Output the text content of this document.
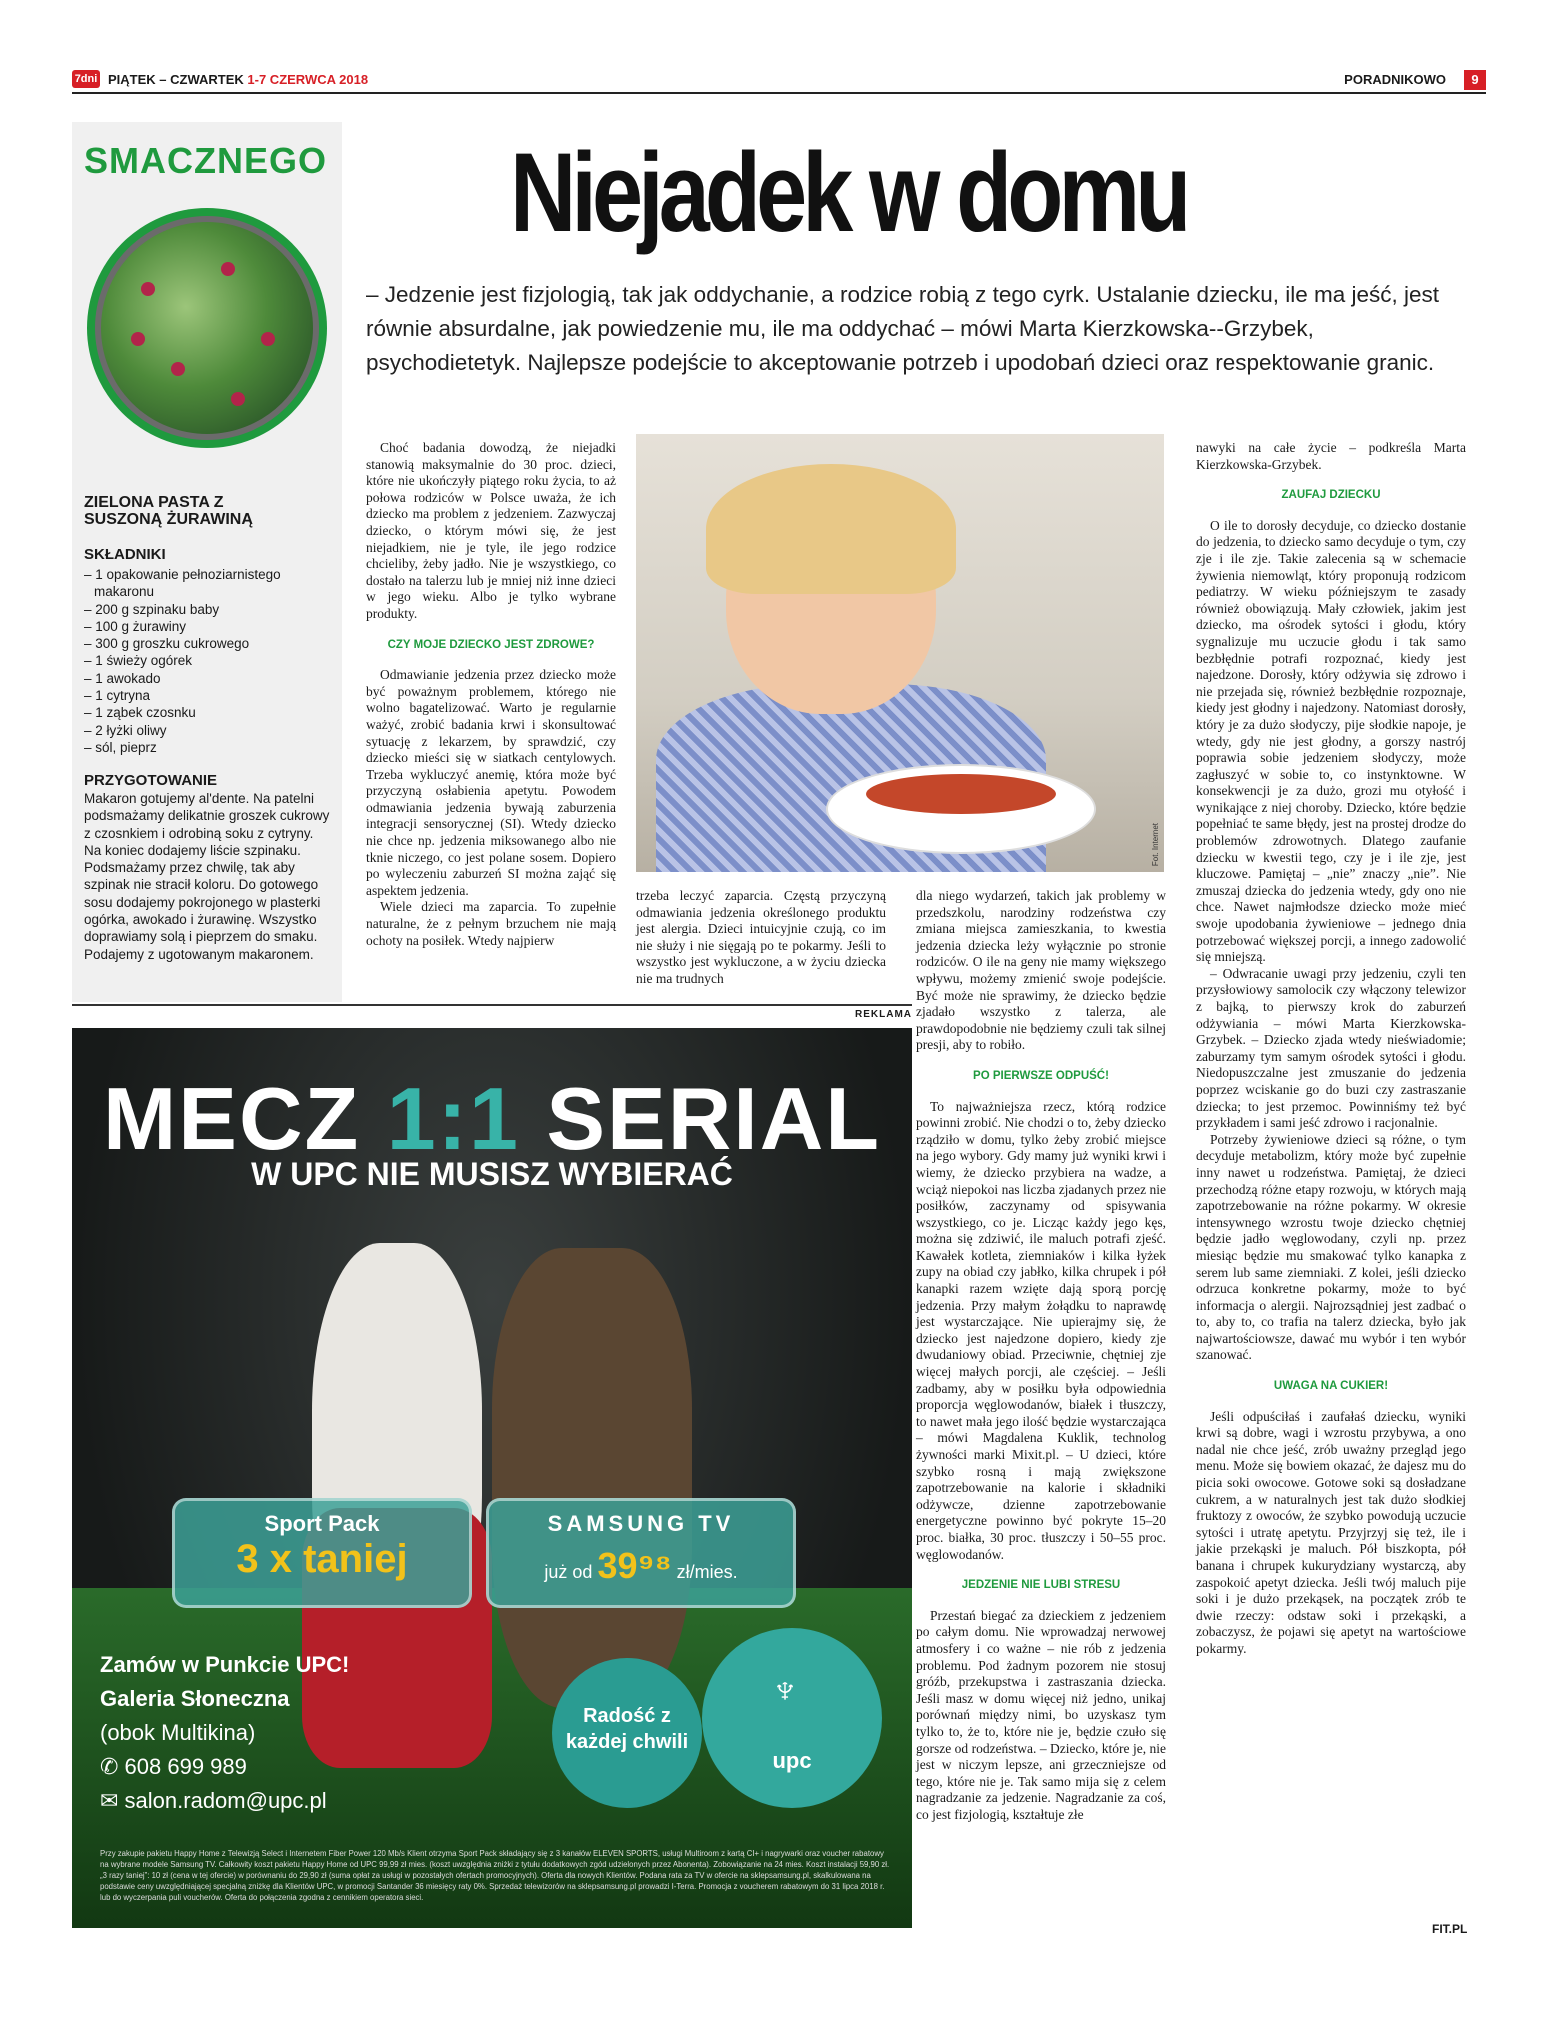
7dni PIĄTEK – CZWARTEK 1-7 CZERWCA 2018	PORADNIKOWO	9
SMACZNEGO
ZIELONA PASTA Z SUSZONĄ ŻURAWINĄ
SKŁADNIKI
– 1 opakowanie pełnoziarnistego makaronu
– 200 g szpinaku baby
– 100 g żurawiny
– 300 g groszku cukrowego
– 1 świeży ogórek
– 1 awokado
– 1 cytryna
– 1 ząbek czosnku
– 2 łyżki oliwy
– sól, pieprz
PRZYGOTOWANIE
Makaron gotujemy al'dente. Na patelni podsmażamy delikatnie groszek cukrowy z czosnkiem i odrobiną soku z cytryny. Na koniec dodajemy liście szpinaku. Podsmażamy przez chwilę, tak aby szpinak nie stracił koloru. Do gotowego sosu dodajemy pokrojonego w plasterki ogórka, awokado i żurawinę. Wszystko doprawiamy solą i pieprzem do smaku. Podajemy z ugotowanym makaronem.
Niejadek w domu
– Jedzenie jest fizjologią, tak jak oddychanie, a rodzice robią z tego cyrk. Ustalanie dziecku, ile ma jeść, jest równie absurdalne, jak powiedzenie mu, ile ma oddychać – mówi Marta Kierzkowska--Grzybek, psychodietetyk. Najlepsze podejście to akceptowanie potrzeb i upodobań dzieci oraz respektowanie granic.

Choć badania dowodzą, że niejadki stanowią maksymalnie do 30 proc. dzieci, które nie ukończyły piątego roku życia, to aż połowa rodziców w Polsce uważa, że ich dziecko ma problem z jedzeniem. Zazwyczaj dziecko, o którym mówi się, że jest niejadkiem, nie je tyle, ile jego rodzice chcieliby, żeby jadło. Nie je wszystkiego, co dostało na talerzu lub je mniej niż inne dzieci w jego wieku. Albo je tylko wybrane produkty.

CZY MOJE DZIECKO JEST ZDROWE?

Odmawianie jedzenia przez dziecko może być poważnym problemem, którego nie wolno bagatelizować. Warto je regularnie ważyć, zrobić badania krwi i skonsultować sytuację z lekarzem, by sprawdzić, czy dziecko mieści się w siatkach centylowych. Trzeba wykluczyć anemię, która może być przyczyną osłabienia apetytu. Powodem odmawiania jedzenia bywają zaburzenia integracji sensorycznej (SI). Wtedy dziecko nie chce np. jedzenia miksowanego albo nie tknie niczego, co jest polane sosem. Dopiero po wyleczeniu zaburzeń SI można zająć się aspektem jedzenia.

Wiele dzieci ma zaparcia. To zupełnie naturalne, że z pełnym brzuchem nie mają ochoty na posiłek. Wtedy najpierw

Fot. Internet

trzeba leczyć zaparcia. Częstą przyczyną odmawiania jedzenia określonego produktu jest alergia. Dzieci intuicyjnie czują, co im nie służy i nie sięgają po te pokarmy. Jeśli to wszystko jest wykluczone, a w życiu dziecka nie ma trudnych

dla niego wydarzeń, takich jak problemy w przedszkolu, narodziny rodzeństwa czy zmiana miejsca zamieszkania, to kwestia jedzenia dziecka leży wyłącznie po stronie rodziców. O ile na geny nie mamy większego wpływu, możemy zmienić swoje podejście. Być może nie sprawimy, że dziecko będzie zjadało wszystko z talerza, ale prawdopodobnie nie będziemy czuli tak silnej presji, aby to robiło.

PO PIERWSZE ODPUŚĆ!

To najważniejsza rzecz, którą rodzice powinni zrobić. Nie chodzi o to, żeby dziecko rządziło w domu, tylko żeby zrobić miejsce na jego wybory. Gdy mamy już wyniki krwi i wiemy, że dziecko przybiera na wadze, a wciąż niepokoi nas liczba zjadanych przez nie posiłków, zaczynamy od spisywania wszystkiego, co je. Licząc każdy jego kęs, można się zdziwić, ile maluch potrafi zjeść. Kawałek kotleta, ziemniaków i kilka łyżek zupy na obiad czy jabłko, kilka chrupek i pół kanapki razem wzięte dają sporą porcję jedzenia. Przy małym żołądku to naprawdę jest wystarczające. Nie upierajmy się, że dziecko jest najedzone dopiero, kiedy zje dwudaniowy obiad. Przeciwnie, chętniej zje więcej małych porcji, ale częściej. – Jeśli zadbamy, aby w posiłku była odpowiednia proporcja węglowodanów, białek i tłuszczy, to nawet mała jego ilość będzie wystarczająca – mówi Magdalena Kuklik, technolog żywności marki Mixit.pl. – U dzieci, które szybko rosną i mają zwiększone zapotrzebowanie na kalorie i składniki odżywcze, dzienne zapotrzebowanie energetyczne powinno być pokryte 15–20 proc. białka, 30 proc. tłuszczy i 50–55 proc. węglowodanów.

JEDZENIE NIE LUBI STRESU

Przestań biegać za dzieckiem z jedzeniem po całym domu. Nie wprowadzaj nerwowej atmosfery i co ważne – nie rób z jedzenia problemu. Pod żadnym pozorem nie stosuj gróźb, przekupstwa i zastraszania dziecka. Jeśli masz w domu więcej niż jedno, unikaj porównań między nimi, bo uzyskasz tym tylko to, że to, które nie je, będzie czuło się gorsze od rodzeństwa. – Dziecko, które je, nie jest w niczym lepsze, ani grzeczniejsze od tego, które nie je. Tak samo mija się z celem nagradzanie za jedzenie. Nagradzanie za coś, co jest fizjologią, kształtuje złe

nawyki na całe życie – podkreśla Marta Kierzkowska-Grzybek.

ZAUFAJ DZIECKU

O ile to dorosły decyduje, co dziecko dostanie do jedzenia, to dziecko samo decyduje o tym, czy zje i ile zje. Takie zalecenia są w schemacie żywienia niemowląt, który proponują rodzicom pediatrzy. W wieku późniejszym te zasady również obowiązują. Mały człowiek, jakim jest dziecko, ma ośrodek sytości i głodu, który sygnalizuje mu uczucie głodu i tak samo bezbłędnie potrafi rozpoznać, kiedy jest najedzone. Dorosły, który odżywia się zdrowo i nie przejada się, również bezbłędnie rozpoznaje, kiedy jest głodny i najedzony. Natomiast dorosły, który je za dużo słodyczy, pije słodkie napoje, je wtedy, gdy nie jest głodny, a gorszy nastrój poprawia sobie jedzeniem słodyczy, może zagłuszyć w sobie to, co instynktowne. W konsekwencji je za dużo, grozi mu otyłość i wynikające z niej choroby. Dziecko, które będzie popełniać te same błędy, jest na prostej drodze do problemów zdrowotnych. Dlatego zaufanie dziecku w kwestii tego, czy je i ile zje, jest kluczowe. Pamiętaj – „nie” znaczy „nie”. Nie zmuszaj dziecka do jedzenia wtedy, gdy ono nie chce. Nawet najmłodsze dziecko może mieć swoje upodobania żywieniowe – jednego dnia potrzebować większej porcji, a innego zadowolić się mniejszą.

– Odwracanie uwagi przy jedzeniu, czyli ten przysłowiowy samolocik czy włączony telewizor z bajką, to pierwszy krok do zaburzeń odżywiania – mówi Marta Kierzkowska-Grzybek. – Dziecko zjada wtedy nieświadomie; zaburzamy tym samym ośrodek sytości i głodu. Niedopuszczalne jest zmuszanie do jedzenia poprzez wciskanie go do buzi czy zastraszanie dziecka; to jest przemoc. Powinniśmy też być przykładem i sami jeść zdrowo i racjonalnie.

Potrzeby żywieniowe dzieci są różne, o tym decyduje metabolizm, który może być zupełnie inny nawet u rodzeństwa. Pamiętaj, że dzieci przechodzą różne etapy rozwoju, w których mają zapotrzebowanie na różne pokarmy. W okresie intensywnego wzrostu twoje dziecko chętniej będzie jadło węglowodany, czyli np. przez miesiąc będzie mu smakować tylko kanapka z serem lub same ziemniaki. Z kolei, jeśli dziecko odrzuca konkretne pokarmy, może to być informacja o alergii. Najrozsądniej jest zadbać o to, aby to, co trafia na talerz dziecka, było jak najwartościowsze, dawać mu wybór i ten wybór szanować.

UWAGA NA CUKIER!

Jeśli odpuściłaś i zaufałaś dziecku, wyniki krwi są dobre, wagi i wzrostu przybywa, a ono nadal nie chce jeść, zrób uważny przegląd jego menu. Może się bowiem okazać, że dajesz mu do picia soki owocowe. Gotowe soki są dosładzane cukrem, a w naturalnych jest tak dużo słodkiej fruktozy z owoców, że szybko powodują uczucie sytości i utratę apetytu. Przyjrzyj się też, ile i jakie przekąski je maluch. Pół biszkopta, pół banana i chrupek kukurydziany wystarczą, aby zaspokoić apetyt dziecka. Jeśli twój maluch pije soki i je dużo przekąsek, na początek zrób te dwie rzeczy: odstaw soki i przekąski, a zobaczysz, że pojawi się apetyt na wartościowe pokarmy.

REKLAMA
MECZ 1:1 SERIAL
W UPC NIE MUSISZ WYBIERAĆ
Sport Pack
3 x taniej
SAMSUNG TV
już od 39⁹⁸ zł/mies.
Zamów w Punkcie UPC!
Galeria Słoneczna
(obok Multikina)
✆ 608 699 989
✉ salon.radom@upc.pl
Radość z każdej chwili
♆
upc
Przy zakupie pakietu Happy Home z Telewizją Select i Internetem Fiber Power 120 Mb/s Klient otrzyma Sport Pack składający się z 3 kanałów ELEVEN SPORTS, usługi Multiroom z kartą CI+ i nagrywarki oraz voucher rabatowy na wybrane modele Samsung TV. Całkowity koszt pakietu Happy Home od UPC 99,99 zł mies. (koszt uwzględnia zniżki z tytułu dodatkowych zgód udzielonych przez Abonenta). Zobowiązanie na 24 mies. Koszt instalacji 59,90 zł. „3 razy taniej”: 10 zł (cena w tej ofercie) w porównaniu do 29,90 zł (suma opłat za usługi w pozostałych ofertach promocyjnych). Oferta dla nowych Klientów. Podana rata za TV w ofercie na sklepsamsung.pl, skalkulowana na podstawie ceny uwzględniającej specjalną zniżkę dla Klientów UPC, w promocji Santander 36 miesięcy raty 0%. Sprzedaż telewizorów na sklepsamsung.pl prowadzi I-Terra. Promocja z voucherem rabatowym do 31 lipca 2018 r. lub do wyczerpania puli voucherów. Oferta do połączenia zgodna z cennikiem operatora sieci.
FIT.PL
